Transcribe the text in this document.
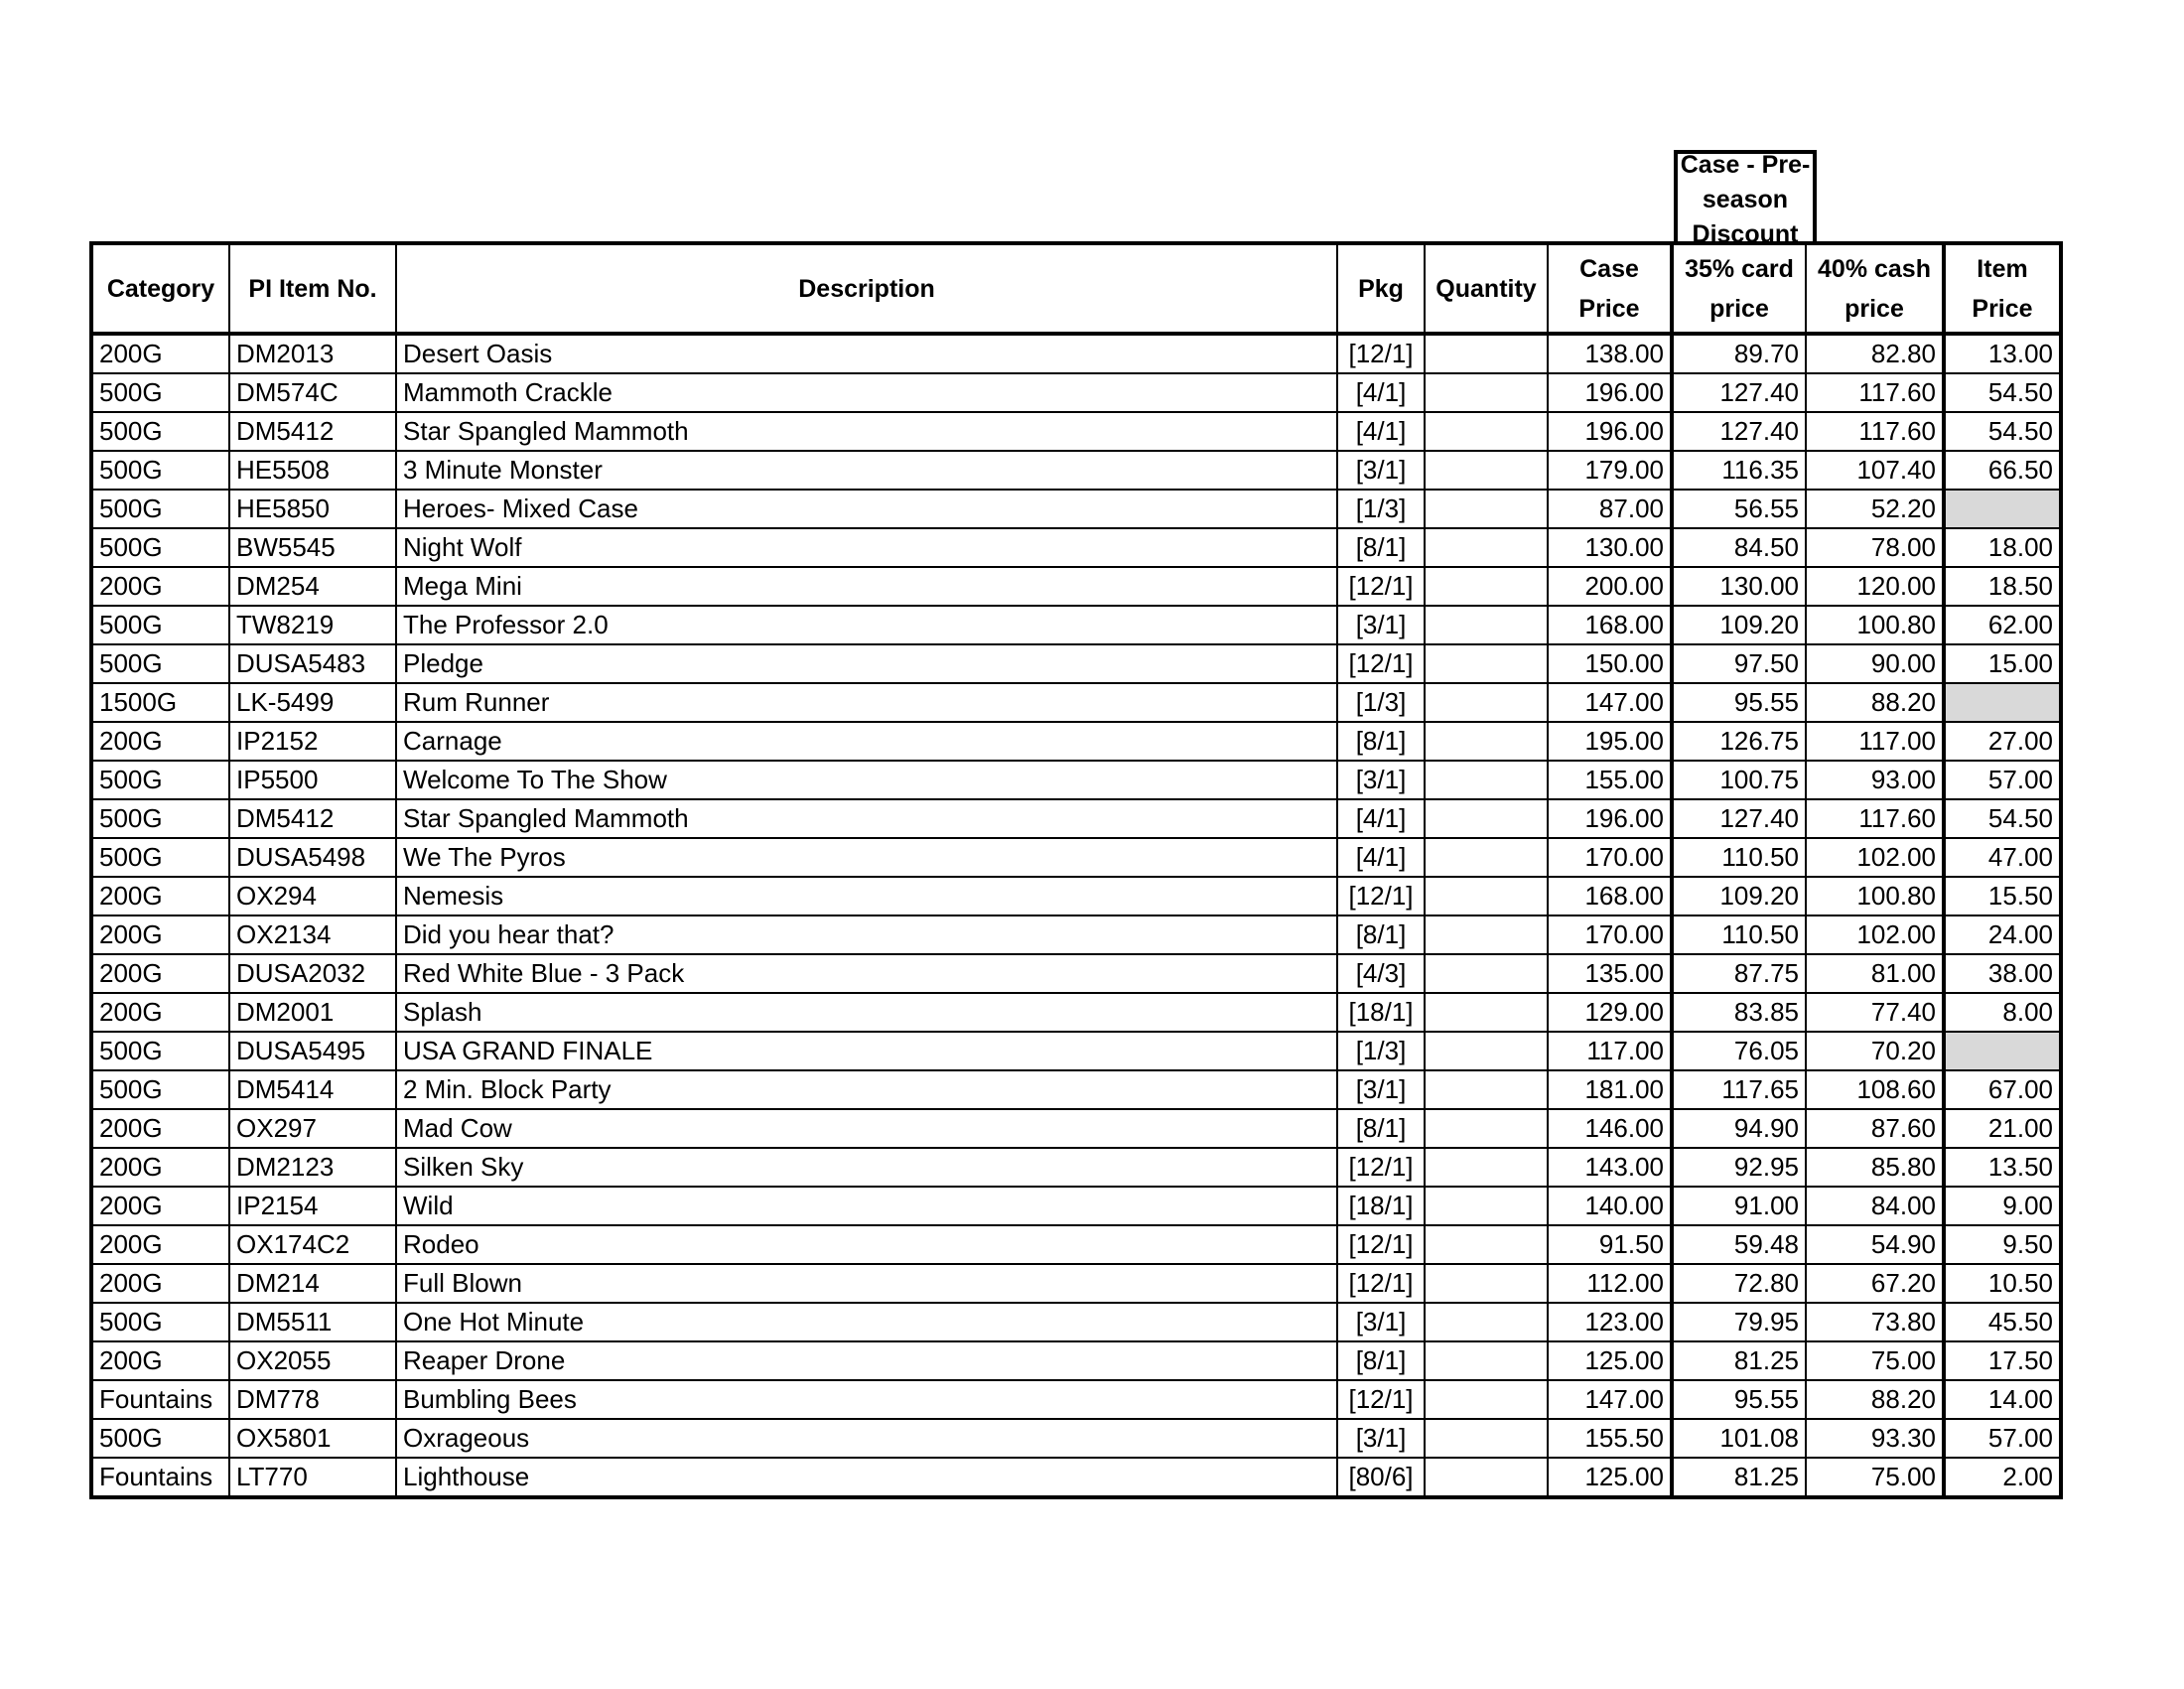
Case - Pre-season Discount
Category	PI Item No.	Description	Pkg	Quantity	Case Price	35% card price	40% cash price	Item Price

200G	DM2013	Desert Oasis	[12/1]		138.00	89.70	82.80	13.00
500G	DM574C	Mammoth Crackle	[4/1]		196.00	127.40	117.60	54.50
500G	DM5412	Star Spangled Mammoth	[4/1]		196.00	127.40	117.60	54.50
500G	HE5508	3 Minute Monster	[3/1]		179.00	116.35	107.40	66.50
500G	HE5850	Heroes- Mixed Case	[1/3]		87.00	56.55	52.20	
500G	BW5545	Night Wolf	[8/1]		130.00	84.50	78.00	18.00
200G	DM254	Mega Mini	[12/1]		200.00	130.00	120.00	18.50
500G	TW8219	The Professor 2.0	[3/1]		168.00	109.20	100.80	62.00
500G	DUSA5483	Pledge	[12/1]		150.00	97.50	90.00	15.00
1500G	LK-5499	Rum Runner	[1/3]		147.00	95.55	88.20	
200G	IP2152	Carnage	[8/1]		195.00	126.75	117.00	27.00
500G	IP5500	Welcome To The Show	[3/1]		155.00	100.75	93.00	57.00
500G	DM5412	Star Spangled Mammoth	[4/1]		196.00	127.40	117.60	54.50
500G	DUSA5498	We The Pyros	[4/1]		170.00	110.50	102.00	47.00
200G	OX294	Nemesis	[12/1]		168.00	109.20	100.80	15.50
200G	OX2134	Did you hear that?	[8/1]		170.00	110.50	102.00	24.00
200G	DUSA2032	Red White Blue - 3 Pack	[4/3]		135.00	87.75	81.00	38.00
200G	DM2001	Splash	[18/1]		129.00	83.85	77.40	8.00
500G	DUSA5495	USA GRAND FINALE	[1/3]		117.00	76.05	70.20	
500G	DM5414	2 Min. Block Party	[3/1]		181.00	117.65	108.60	67.00
200G	OX297	Mad Cow	[8/1]		146.00	94.90	87.60	21.00
200G	DM2123	Silken Sky	[12/1]		143.00	92.95	85.80	13.50
200G	IP2154	Wild	[18/1]		140.00	91.00	84.00	9.00
200G	OX174C2	Rodeo	[12/1]		91.50	59.48	54.90	9.50
200G	DM214	Full Blown	[12/1]		112.00	72.80	67.20	10.50
500G	DM5511	One Hot Minute	[3/1]		123.00	79.95	73.80	45.50
200G	OX2055	Reaper Drone	[8/1]		125.00	81.25	75.00	17.50
Fountains	DM778	Bumbling Bees	[12/1]		147.00	95.55	88.20	14.00
500G	OX5801	Oxrageous	[3/1]		155.50	101.08	93.30	57.00
Fountains	LT770	Lighthouse	[80/6]		125.00	81.25	75.00	2.00
